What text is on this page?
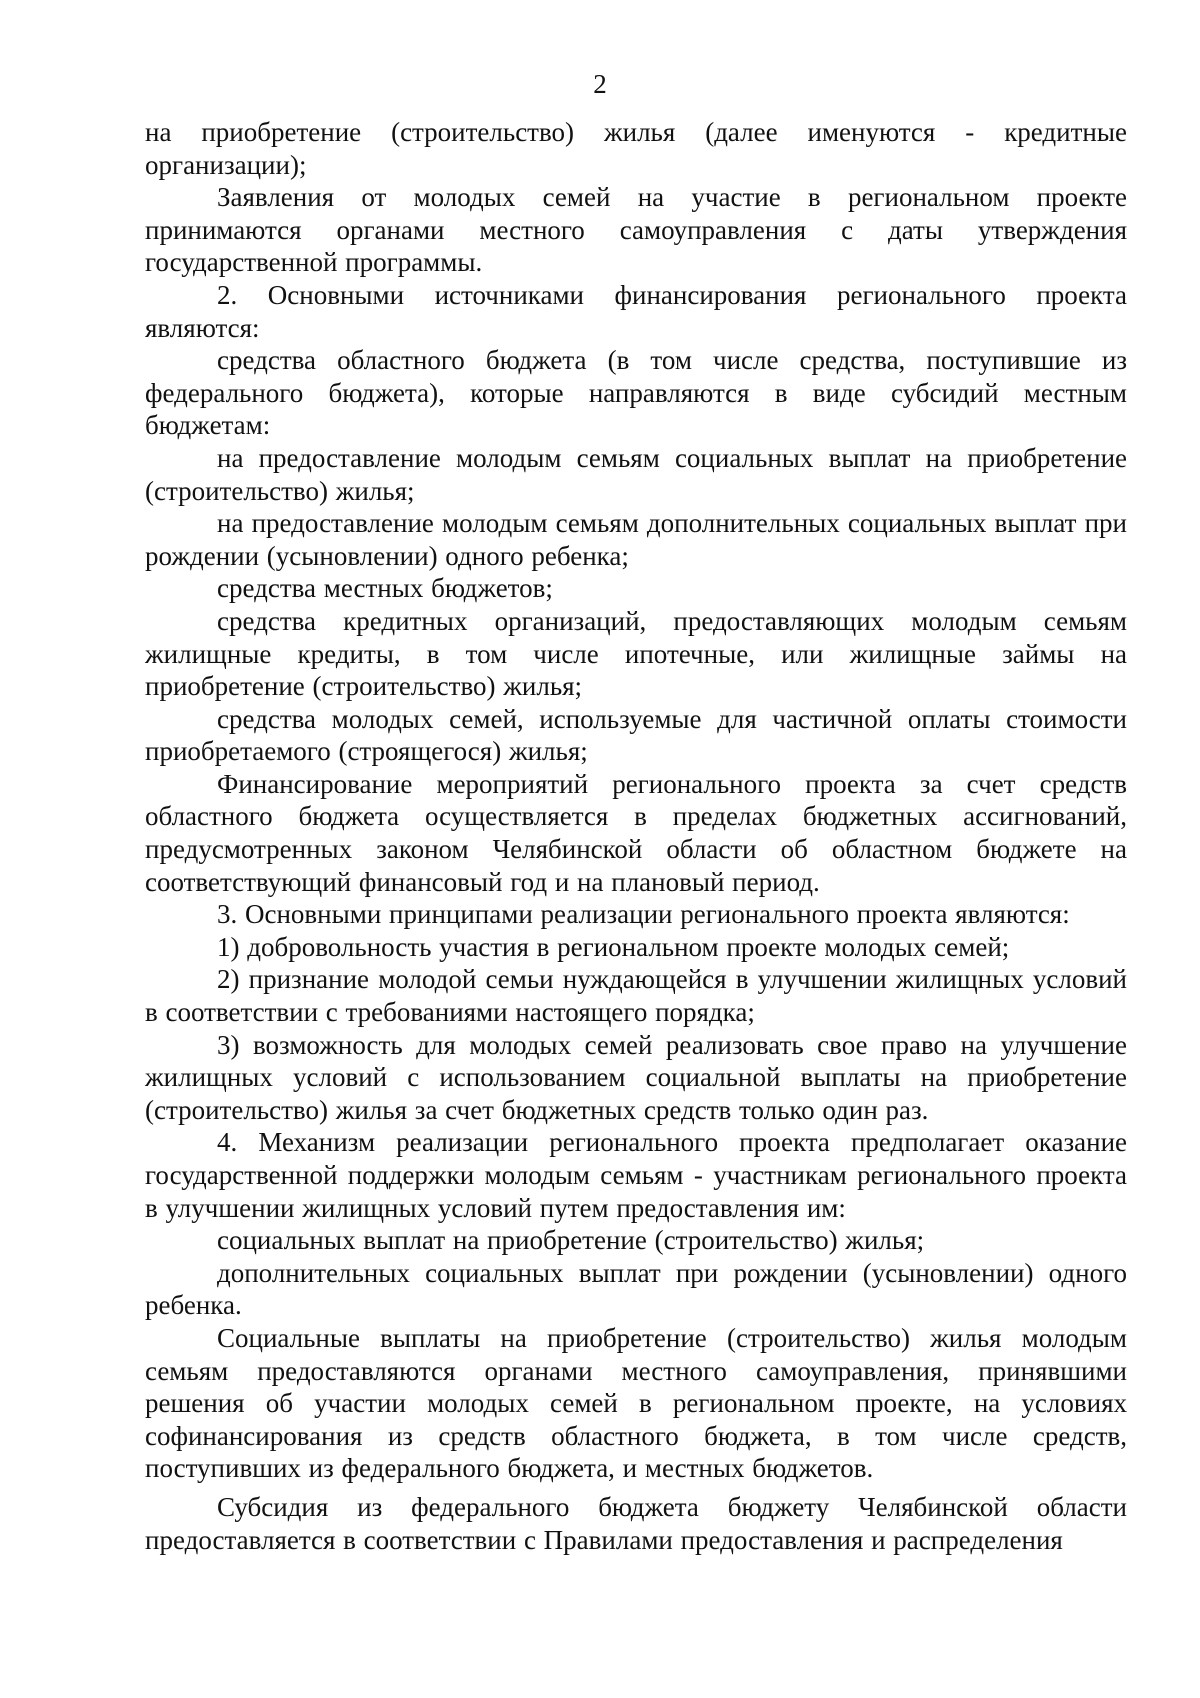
2

на приобретение (строительство) жилья (далее именуются - кредитные организации);

Заявления от молодых семей на участие в региональном проекте принимаются органами местного самоуправления с даты утверждения государственной программы.

2. Основными источниками финансирования регионального проекта являются:

средства областного бюджета (в том числе средства, поступившие из федерального бюджета), которые направляются в виде субсидий местным бюджетам:

на предоставление молодым семьям социальных выплат на приобретение (строительство) жилья;

на предоставление молодым семьям дополнительных социальных выплат при рождении (усыновлении) одного ребенка;

средства местных бюджетов;

средства кредитных организаций, предоставляющих молодым семьям жилищные кредиты, в том числе ипотечные, или жилищные займы на приобретение (строительство) жилья;

средства молодых семей, используемые для частичной оплаты стоимости приобретаемого (строящегося) жилья;

Финансирование мероприятий регионального проекта за счет средств областного бюджета осуществляется в пределах бюджетных ассигнований, предусмотренных законом Челябинской области об областном бюджете на соответствующий финансовый год и на плановый период.

3. Основными принципами реализации регионального проекта являются:

1) добровольность участия в региональном проекте молодых семей;

2) признание молодой семьи нуждающейся в улучшении жилищных условий в соответствии с требованиями настоящего порядка;

3) возможность для молодых семей реализовать свое право на улучшение жилищных условий с использованием социальной выплаты на приобретение (строительство) жилья за счет бюджетных средств только один раз.

4. Механизм реализации регионального проекта предполагает оказание государственной поддержки молодым семьям - участникам регионального проекта в улучшении жилищных условий путем предоставления им:

социальных выплат на приобретение (строительство) жилья;

дополнительных социальных выплат при рождении (усыновлении) одного ребенка.

Социальные выплаты на приобретение (строительство) жилья молодым семьям предоставляются органами местного самоуправления, принявшими решения об участии молодых семей в региональном проекте, на условиях софинансирования из средств областного бюджета, в том числе средств, поступивших из федерального бюджета, и местных бюджетов.

Субсидия из федерального бюджета бюджету Челябинской области предоставляется в соответствии с Правилами предоставления и распределения
